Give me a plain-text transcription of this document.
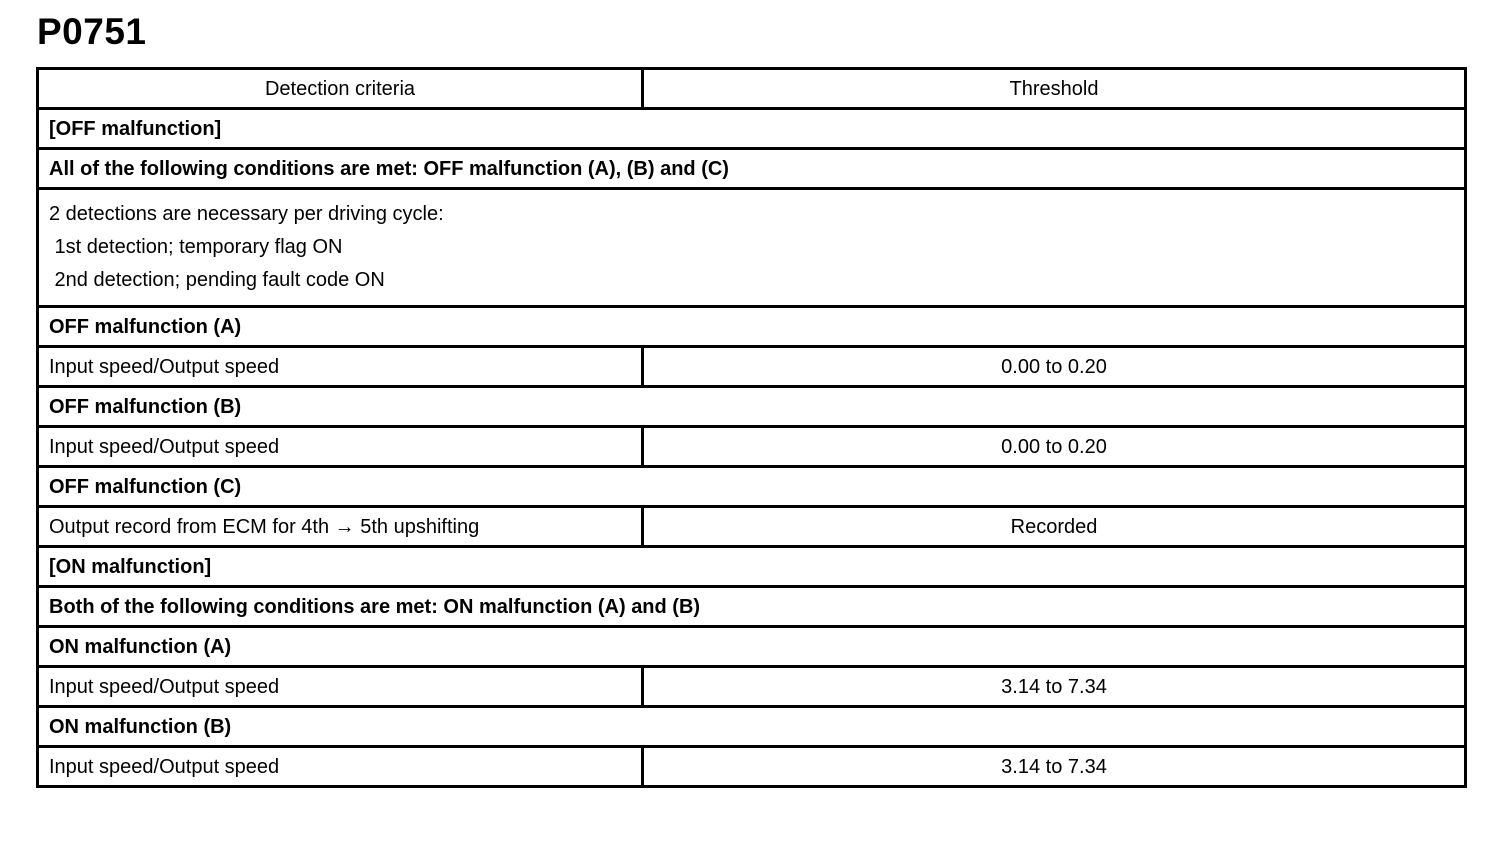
P0751
Detection criteria	Threshold
[OFF malfunction]	
All of the following conditions are met: OFF malfunction (A), (B) and (C)	

2 detections are necessary per driving cycle:
1st detection; temporary flag ON
2nd detection; pending fault code ON	

OFF malfunction (A)	
Input speed/Output speed	0.00 to 0.20
OFF malfunction (B)	
Input speed/Output speed	0.00 to 0.20
OFF malfunction (C)	
Output record from ECM for 4th → 5th upshifting	Recorded
[ON malfunction]	
Both of the following conditions are met: ON malfunction (A) and (B)	
ON malfunction (A)	
Input speed/Output speed	3.14 to 7.34
ON malfunction (B)	
Input speed/Output speed	3.14 to 7.34
